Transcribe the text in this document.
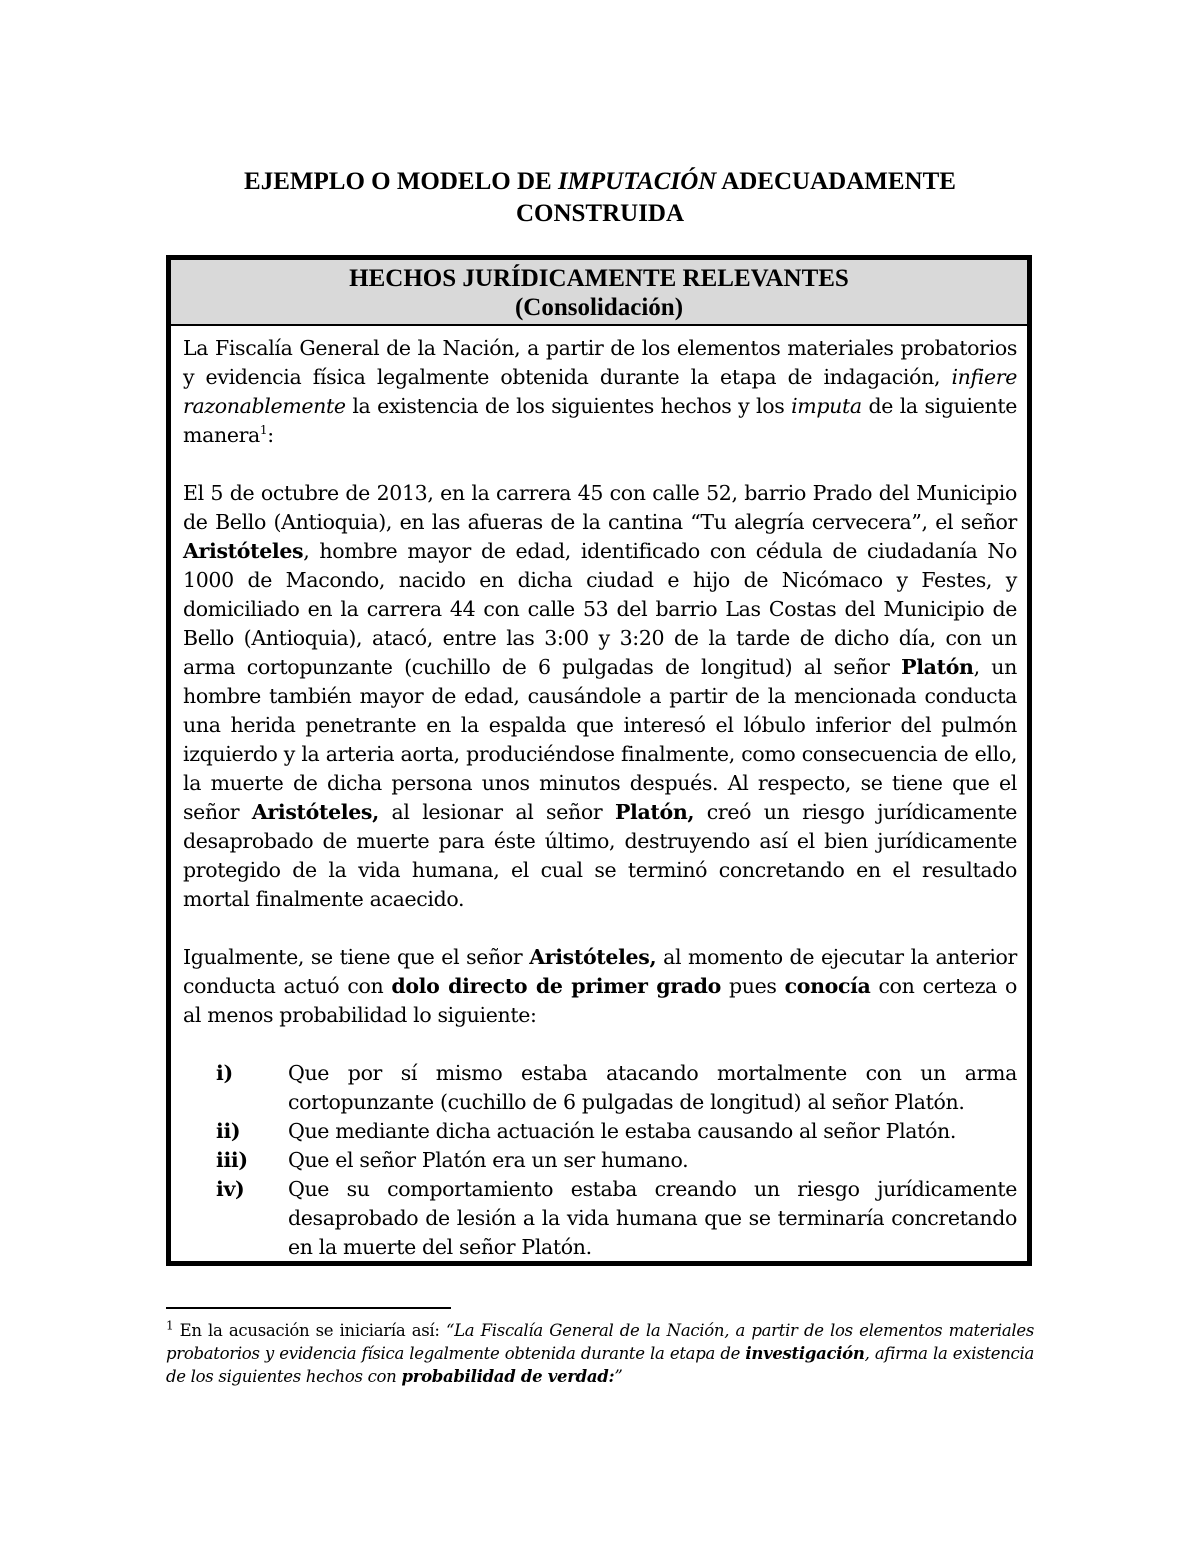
EJEMPLO O MODELO DE IMPUTACIÓN ADECUADAMENTE
CONSTRUIDA
HECHOS JURÍDICAMENTE RELEVANTES
(Consolidación)

La Fiscalía General de la Nación, a partir de los elementos materiales probatorios y evidencia física legalmente obtenida durante la etapa de indagación, infiere razonablemente la existencia de los siguientes hechos y los imputa de la siguiente manera$^1$:

El 5 de octubre de 2013, en la carrera 45 con calle 52, barrio Prado del Municipio de Bello (Antioquia), en las afueras de la cantina “Tu alegría cervecera”, el señor Aristóteles, hombre mayor de edad, identificado con cédula de ciudadanía No 1000 de Macondo, nacido en dicha ciudad e hijo de Nicómaco y Festes, y domiciliado en la carrera 44 con calle 53 del barrio Las Costas del Municipio de Bello (Antioquia), atacó, entre las 3:00 y 3:20 de la tarde de dicho día, con un arma cortopunzante (cuchillo de 6 pulgadas de longitud) al señor Platón, un hombre también mayor de edad, causándole a partir de la mencionada conducta una herida penetrante en la espalda que interesó el lóbulo inferior del pulmón izquierdo y la arteria aorta, produciéndose finalmente, como consecuencia de ello, la muerte de dicha persona unos minutos después. Al respecto, se tiene que el señor Aristóteles, al lesionar al señor Platón, creó un riesgo jurídicamente desaprobado de muerte para éste último, destruyendo así el bien jurídicamente protegido de la vida humana, el cual se terminó concretando en el resultado mortal finalmente acaecido.

Igualmente, se tiene que el señor Aristóteles, al momento de ejecutar la anterior conducta actuó con dolo directo de primer grado pues conocía con certeza o al menos probabilidad lo siguiente:

i)	Que por sí mismo estaba atacando mortalmente con un arma cortopunzante (cuchillo de 6 pulgadas de longitud) al señor Platón.
ii)	Que mediante dicha actuación le estaba causando al señor Platón.
iii)	Que el señor Platón era un ser humano.
iv)	Que su comportamiento estaba creando un riesgo jurídicamente desaprobado de lesión a la vida humana que se terminaría concretando en la muerte del señor Platón.
$^1$ En la acusación se iniciaría así: “La Fiscalía General de la Nación, a partir de los elementos materiales probatorios y evidencia física legalmente obtenida durante la etapa de investigación, afirma la existencia de los siguientes hechos con probabilidad de verdad:”
